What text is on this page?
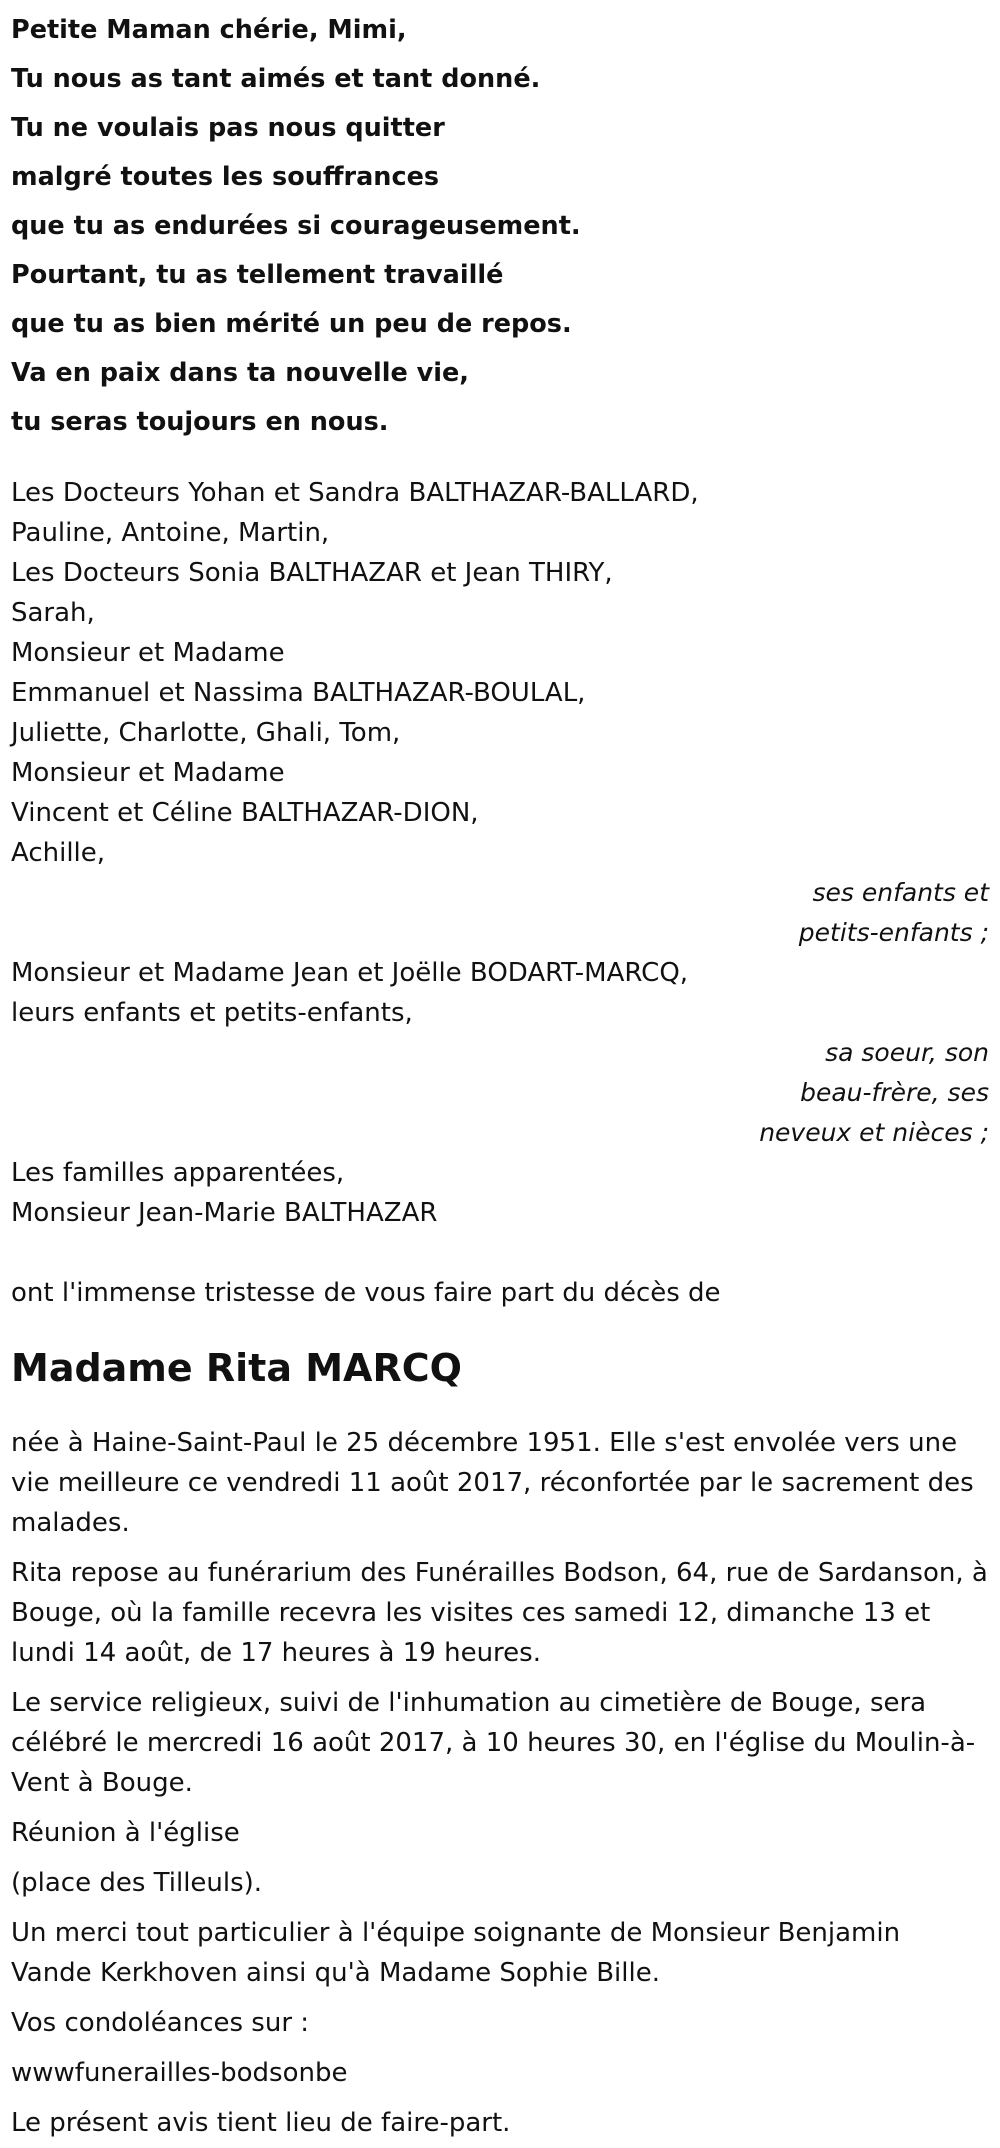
Petite Maman chérie, Mimi,
Tu nous as tant aimés et tant donné.
Tu ne voulais pas nous quitter
malgré toutes les souffrances
que tu as endurées si courageusement.
Pourtant, tu as tellement travaillé
que tu as bien mérité un peu de repos.
Va en paix dans ta nouvelle vie,
tu seras toujours en nous.
Les Docteurs Yohan et Sandra BALTHAZAR-BALLARD,
Pauline, Antoine, Martin,
Les Docteurs Sonia BALTHAZAR et Jean THIRY,
Sarah,
Monsieur et Madame
Emmanuel et Nassima BALTHAZAR-BOULAL,
Juliette, Charlotte, Ghali, Tom,
Monsieur et Madame
Vincent et Céline BALTHAZAR-DION,
Achille,
ses enfants et
petits-enfants ;
Monsieur et Madame Jean et Joëlle BODART-MARCQ,
leurs enfants et petits-enfants,
sa soeur, son
beau-frère, ses
neveux et nièces ;
Les familles apparentées,
Monsieur Jean-Marie BALTHAZAR
ont l'immense tristesse de vous faire part du décès de
Madame Rita MARCQ

née à Haine-Saint-Paul le 25 décembre 1951. Elle s'est envolée vers une vie meilleure ce vendredi 11 août 2017, réconfortée par le sacrement des malades.

Rita repose au funérarium des Funérailles Bodson, 64, rue de Sardanson, à Bouge, où la famille recevra les visites ces samedi 12, dimanche 13 et lundi 14 août, de 17 heures à 19 heures.

Le service religieux, suivi de l'inhumation au cimetière de Bouge, sera célébré le mercredi 16 août 2017, à 10 heures 30, en l'église du Moulin-à-Vent à Bouge.

Réunion à l'église

(place des Tilleuls).

Un merci tout particulier à l'équipe soignante de Monsieur Benjamin Vande Kerkhoven ainsi qu'à Madame Sophie Bille.

Vos condoléances sur :

wwwfunerailles-bodsonbe

Le présent avis tient lieu de faire-part.
